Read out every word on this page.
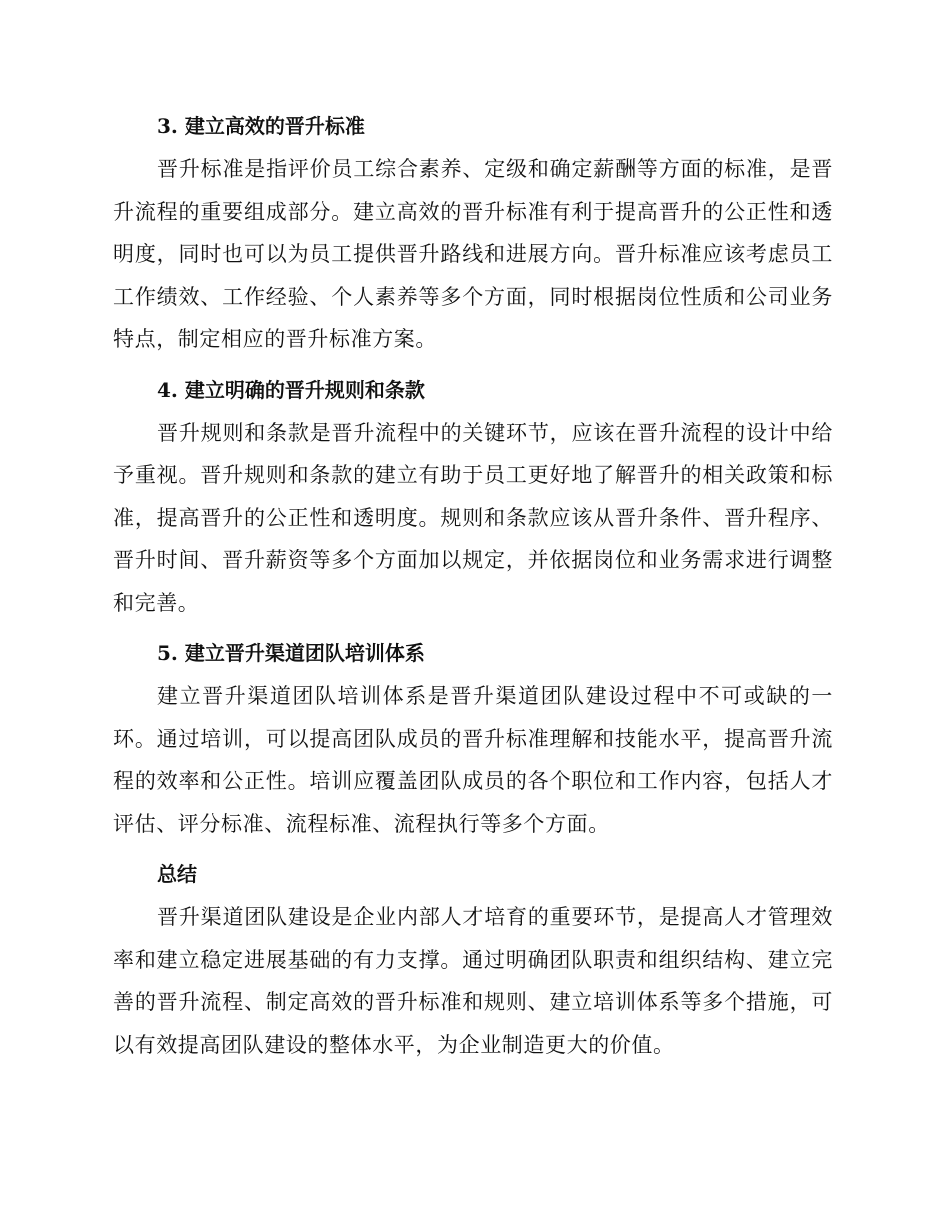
3. 建立高效的晋升标准

晋升标准是指评价员工综合素养、定级和确定薪酬等方面的标准，是晋升流程的重要组成部分。建立高效的晋升标准有利于提高晋升的公正性和透明度，同时也可以为员工提供晋升路线和进展方向。晋升标准应该考虑员工工作绩效、工作经验、个人素养等多个方面，同时根据岗位性质和公司业务特点，制定相应的晋升标准方案。

4. 建立明确的晋升规则和条款

晋升规则和条款是晋升流程中的关键环节，应该在晋升流程的设计中给予重视。晋升规则和条款的建立有助于员工更好地了解晋升的相关政策和标准，提高晋升的公正性和透明度。规则和条款应该从晋升条件、晋升程序、晋升时间、晋升薪资等多个方面加以规定，并依据岗位和业务需求进行调整和完善。

5. 建立晋升渠道团队培训体系

建立晋升渠道团队培训体系是晋升渠道团队建设过程中不可或缺的一环。通过培训，可以提高团队成员的晋升标准理解和技能水平，提高晋升流程的效率和公正性。培训应覆盖团队成员的各个职位和工作内容，包括人才评估、评分标准、流程标准、流程执行等多个方面。

总结

晋升渠道团队建设是企业内部人才培育的重要环节，是提高人才管理效率和建立稳定进展基础的有力支撑。通过明确团队职责和组织结构、建立完善的晋升流程、制定高效的晋升标准和规则、建立培训体系等多个措施，可以有效提高团队建设的整体水平，为企业制造更大的价值。
